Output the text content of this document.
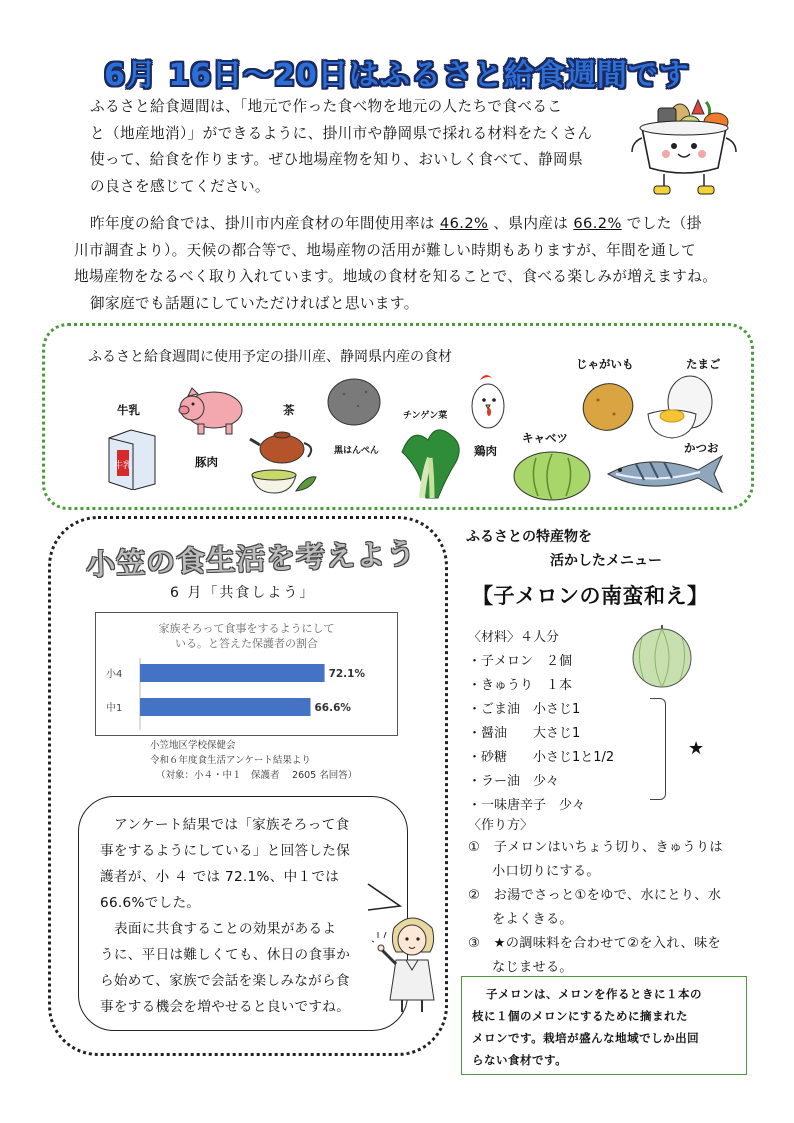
6月 16日～20日はふるさと給食週間です
ふるさと給食週間は、「地元で作った食べ物を地元の人たちで食べるこ
と（地産地消）」ができるように、掛川市や静岡県で採れる材料をたくさん
使って、給食を作ります。ぜひ地場産物を知り、おいしく食べて、静岡県
の良さを感じてください。
昨年度の給食では、掛川市内産食材の年間使用率は 46.2% 、県内産は 66.2% でした（掛
川市調査より）。天候の都合等で、地場産物の活用が難しい時期もありますが、年間を通して
地場産物をなるべく取り入れています。地域の食材を知ることで、食べる楽しみが増えますね。
御家庭でも話題にしていただければと思います。
ふるさと給食週間に使用予定の掛川産、静岡県内産の食材
牛乳
牛乳	豚肉
茶
黒はんぺん
チンゲン菜
鶏肉
キャベツ
じゃがいも	たまご
かつお
小笠の食生活を考えよう
6 月「共食しよう」
家族そろって食事をするようにして
いる。と答えた保護者の割合
小4	72.1%
中1	66.6%
小笠地区学校保健会
令和６年度食生活アンケート結果より
（対象：小４・中１　保護者　 2605 名回答）
アンケート結果では「家族そろって食
事をするようにしている」と回答した保
護者が、小 ４ では 72.1%、中１では
66.6%でした。
表面に共食することの効果があるよ
うに、平日は難しくても、休日の食事か
ら始めて、家族で会話を楽しみながら食
事をする機会を増やせると良いですね。
ふるさとの特産物を
活かしたメニュー
【子メロンの南蛮和え】
〈材料〉４人分
・子メロン　２個
・きゅうり　１本
・ごま油　小さじ1
・醤油　　大さじ1
・砂糖　　小さじ1と1/2
・ラー油　少々
・一味唐辛子　少々
★
〈作り方〉
①　子メロンはいちょう切り、きゅうりは
小口切りにする。
②　お湯でさっと①をゆで、水にとり、水
をよくきる。
③　★の調味料を合わせて②を入れ、味を
なじませる。
子メロンは、メロンを作るときに１本の
枝に１個のメロンにするために摘まれた
メロンです。栽培が盛んな地域でしか出回
らない食材です。
